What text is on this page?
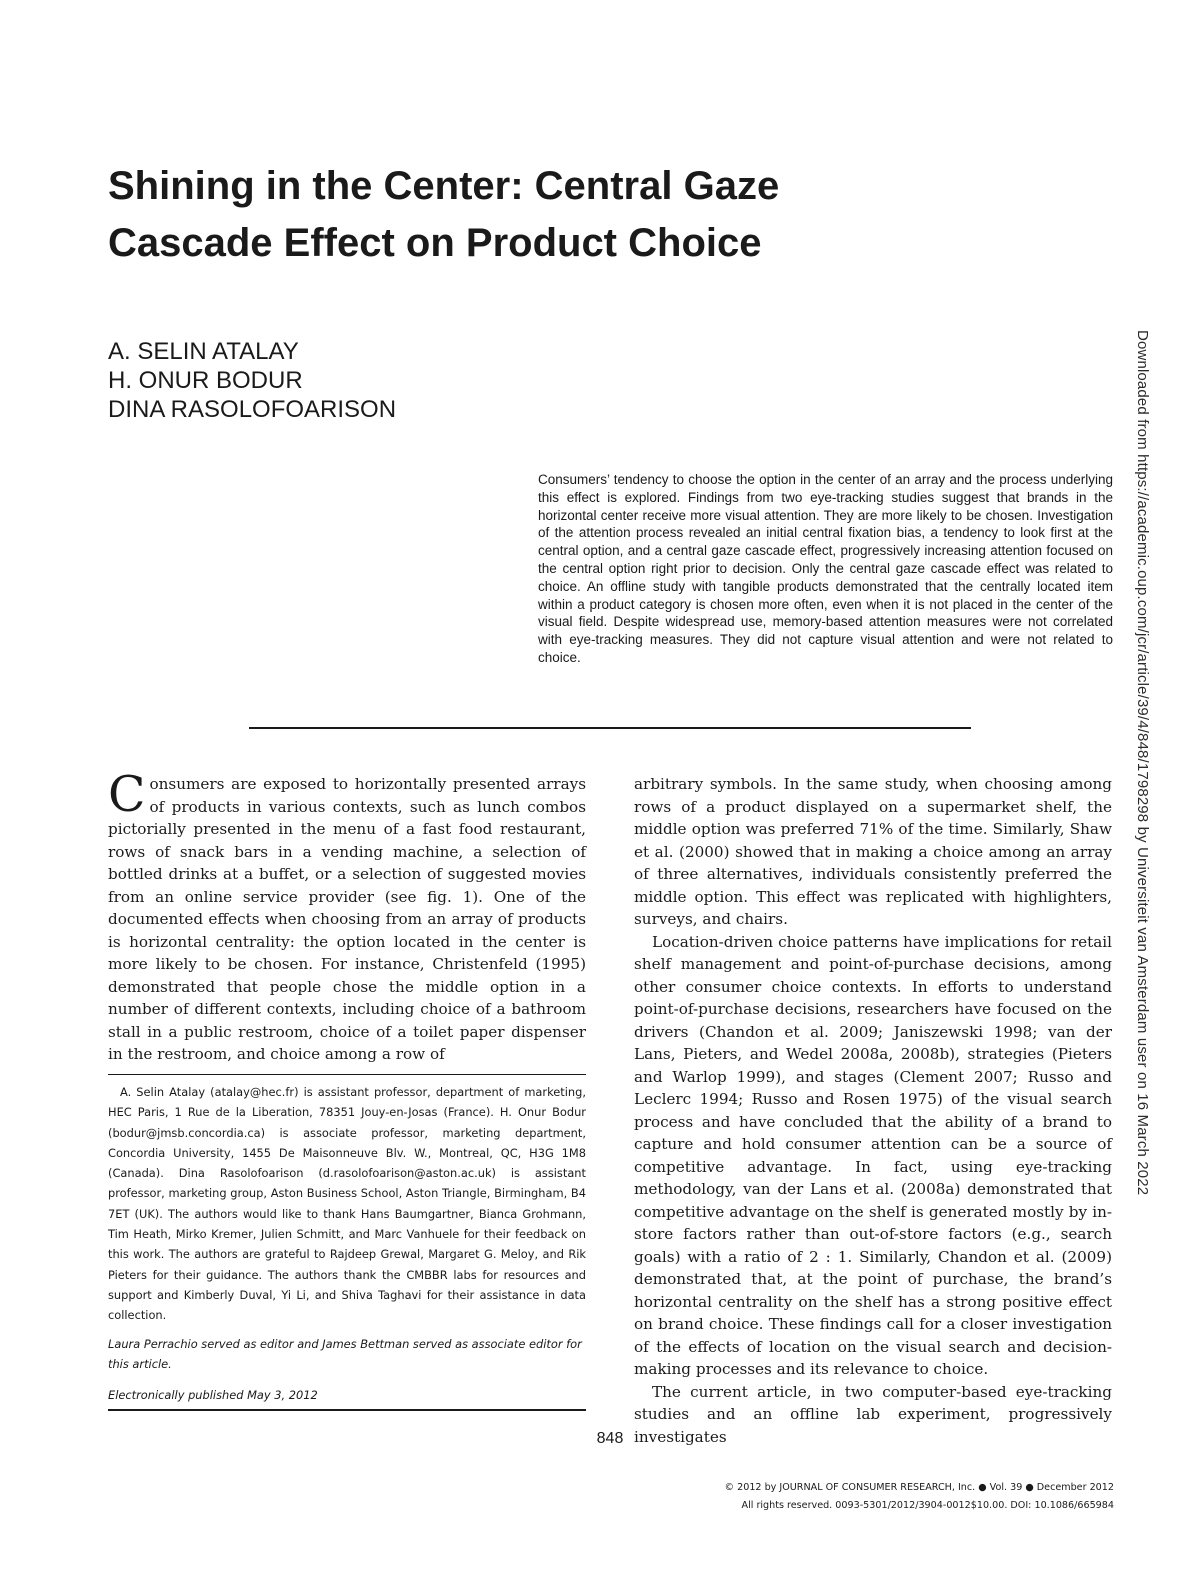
Shining in the Center: Central Gaze
Cascade Effect on Product Choice
A. SELIN ATALAY
H. ONUR BODUR
DINA RASOLOFOARISON

Consumers’ tendency to choose the option in the center of an array and the process underlying this effect is explored. Findings from two eye-tracking studies suggest that brands in the horizontal center receive more visual attention. They are more likely to be chosen. Investigation of the attention process revealed an initial central fixation bias, a tendency to look first at the central option, and a central gaze cascade effect, progressively increasing attention focused on the central option right prior to decision. Only the central gaze cascade effect was related to choice. An offline study with tangible products demonstrated that the centrally located item within a product category is chosen more often, even when it is not placed in the center of the visual field. Despite widespread use, memory-based attention measures were not correlated with eye-tracking measures. They did not capture visual attention and were not related to choice.

Consumers are exposed to horizontally presented arrays of products in various contexts, such as lunch combos pictorially presented in the menu of a fast food restaurant, rows of snack bars in a vending machine, a selection of bottled drinks at a buffet, or a selection of suggested movies from an online service provider (see fig. 1). One of the documented effects when choosing from an array of products is horizontal centrality: the option located in the center is more likely to be chosen. For instance, Christenfeld (1995) demonstrated that people chose the middle option in a number of different contexts, including choice of a bathroom stall in a public restroom, choice of a toilet paper dispenser in the restroom, and choice among a row of

arbitrary symbols. In the same study, when choosing among rows of a product displayed on a supermarket shelf, the middle option was preferred 71% of the time. Similarly, Shaw et al. (2000) showed that in making a choice among an array of three alternatives, individuals consistently preferred the middle option. This effect was replicated with highlighters, surveys, and chairs.

Location-driven choice patterns have implications for retail shelf management and point-of-purchase decisions, among other consumer choice contexts. In efforts to understand point-of-purchase decisions, researchers have focused on the drivers (Chandon et al. 2009; Janiszewski 1998; van der Lans, Pieters, and Wedel 2008a, 2008b), strategies (Pieters and Warlop 1999), and stages (Clement 2007; Russo and Leclerc 1994; Russo and Rosen 1975) of the visual search process and have concluded that the ability of a brand to capture and hold consumer attention can be a source of competitive advantage. In fact, using eye-tracking methodology, van der Lans et al. (2008a) demonstrated that competitive advantage on the shelf is generated mostly by in-store factors rather than out-of-store factors (e.g., search goals) with a ratio of 2 : 1. Similarly, Chandon et al. (2009) demonstrated that, at the point of purchase, the brand’s horizontal centrality on the shelf has a strong positive effect on brand choice. These findings call for a closer investigation of the effects of location on the visual search and decision-making processes and its relevance to choice.

The current article, in two computer-based eye-tracking studies and an offline lab experiment, progressively investigates

A. Selin Atalay (atalay@hec.fr) is assistant professor, department of marketing, HEC Paris, 1 Rue de la Liberation, 78351 Jouy-en-Josas (France). H. Onur Bodur (bodur@jmsb.concordia.ca) is associate professor, marketing department, Concordia University, 1455 De Maisonneuve Blv. W., Montreal, QC, H3G 1M8 (Canada). Dina Rasolofoarison (d.rasolofoarison@aston.ac.uk) is assistant professor, marketing group, Aston Business School, Aston Triangle, Birmingham, B4 7ET (UK). The authors would like to thank Hans Baumgartner, Bianca Grohmann, Tim Heath, Mirko Kremer, Julien Schmitt, and Marc Vanhuele for their feedback on this work. The authors are grateful to Rajdeep Grewal, Margaret G. Meloy, and Rik Pieters for their guidance. The authors thank the CMBBR labs for resources and support and Kimberly Duval, Yi Li, and Shiva Taghavi for their assistance in data collection.

Laura Perrachio served as editor and James Bettman served as associate editor for this article.

Electronically published May 3, 2012

848
© 2012 by JOURNAL OF CONSUMER RESEARCH, Inc. ● Vol. 39 ● December 2012
All rights reserved. 0093-5301/2012/3904-0012$10.00. DOI: 10.1086/665984
Downloaded from https://academic.oup.com/jcr/article/39/4/848/1798298 by Universiteit van Amsterdam user on 16 March 2022
